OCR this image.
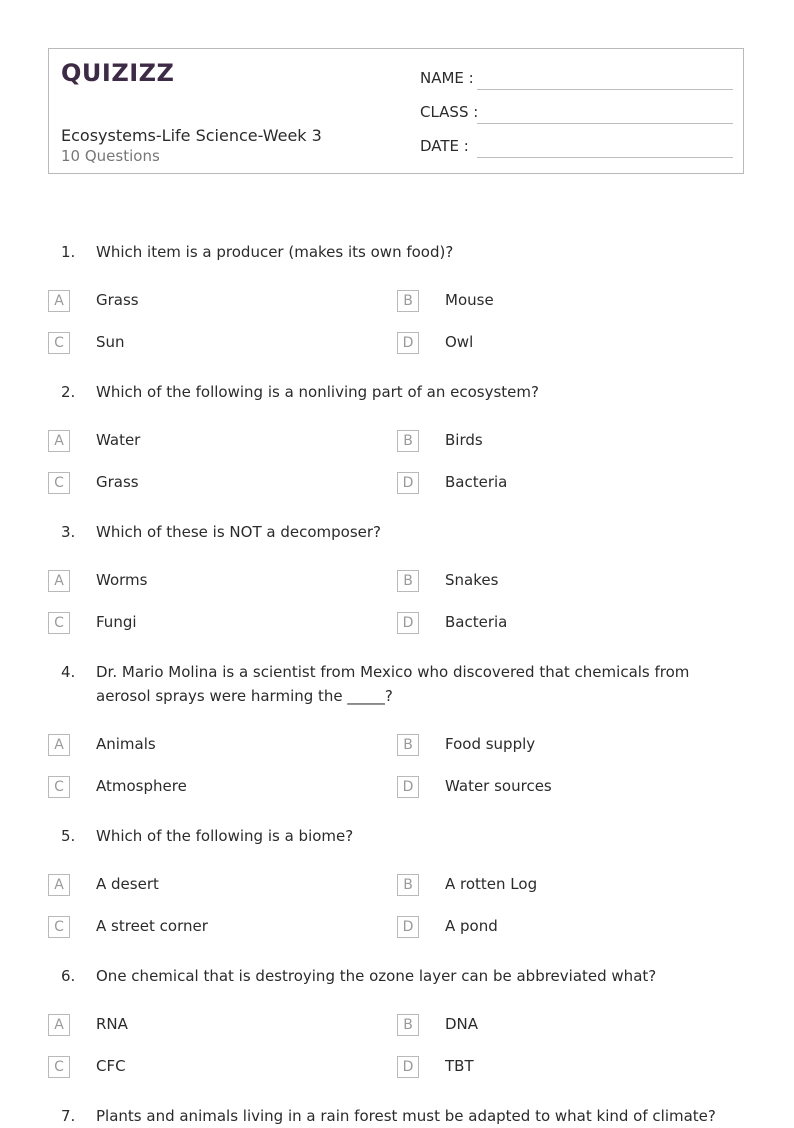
QUIZIZZ
Ecosystems-Life Science-Week 3
10 Questions
NAME :
CLASS :
DATE :
1. Which item is a producer (makes its own food)?
A	Grass	B	Mouse
C	Sun	D	Owl
2. Which of the following is a nonliving part of an ecosystem?
A	Water	B	Birds
C	Grass	D	Bacteria
3. Which of these is NOT a decomposer?
A	Worms	B	Snakes
C	Fungi	D	Bacteria
4. Dr. Mario Molina is a scientist from Mexico who discovered that chemicals from aerosol sprays were harming the _____?
A	Animals	B	Food supply
C	Atmosphere	D	Water sources
5. Which of the following is a biome?
A	A desert	B	A rotten Log
C	A street corner	D	A pond
6. One chemical that is destroying the ozone layer can be abbreviated what?
A	RNA	B	DNA
C	CFC	D	TBT
7. Plants and animals living in a rain forest must be adapted to what kind of climate?
